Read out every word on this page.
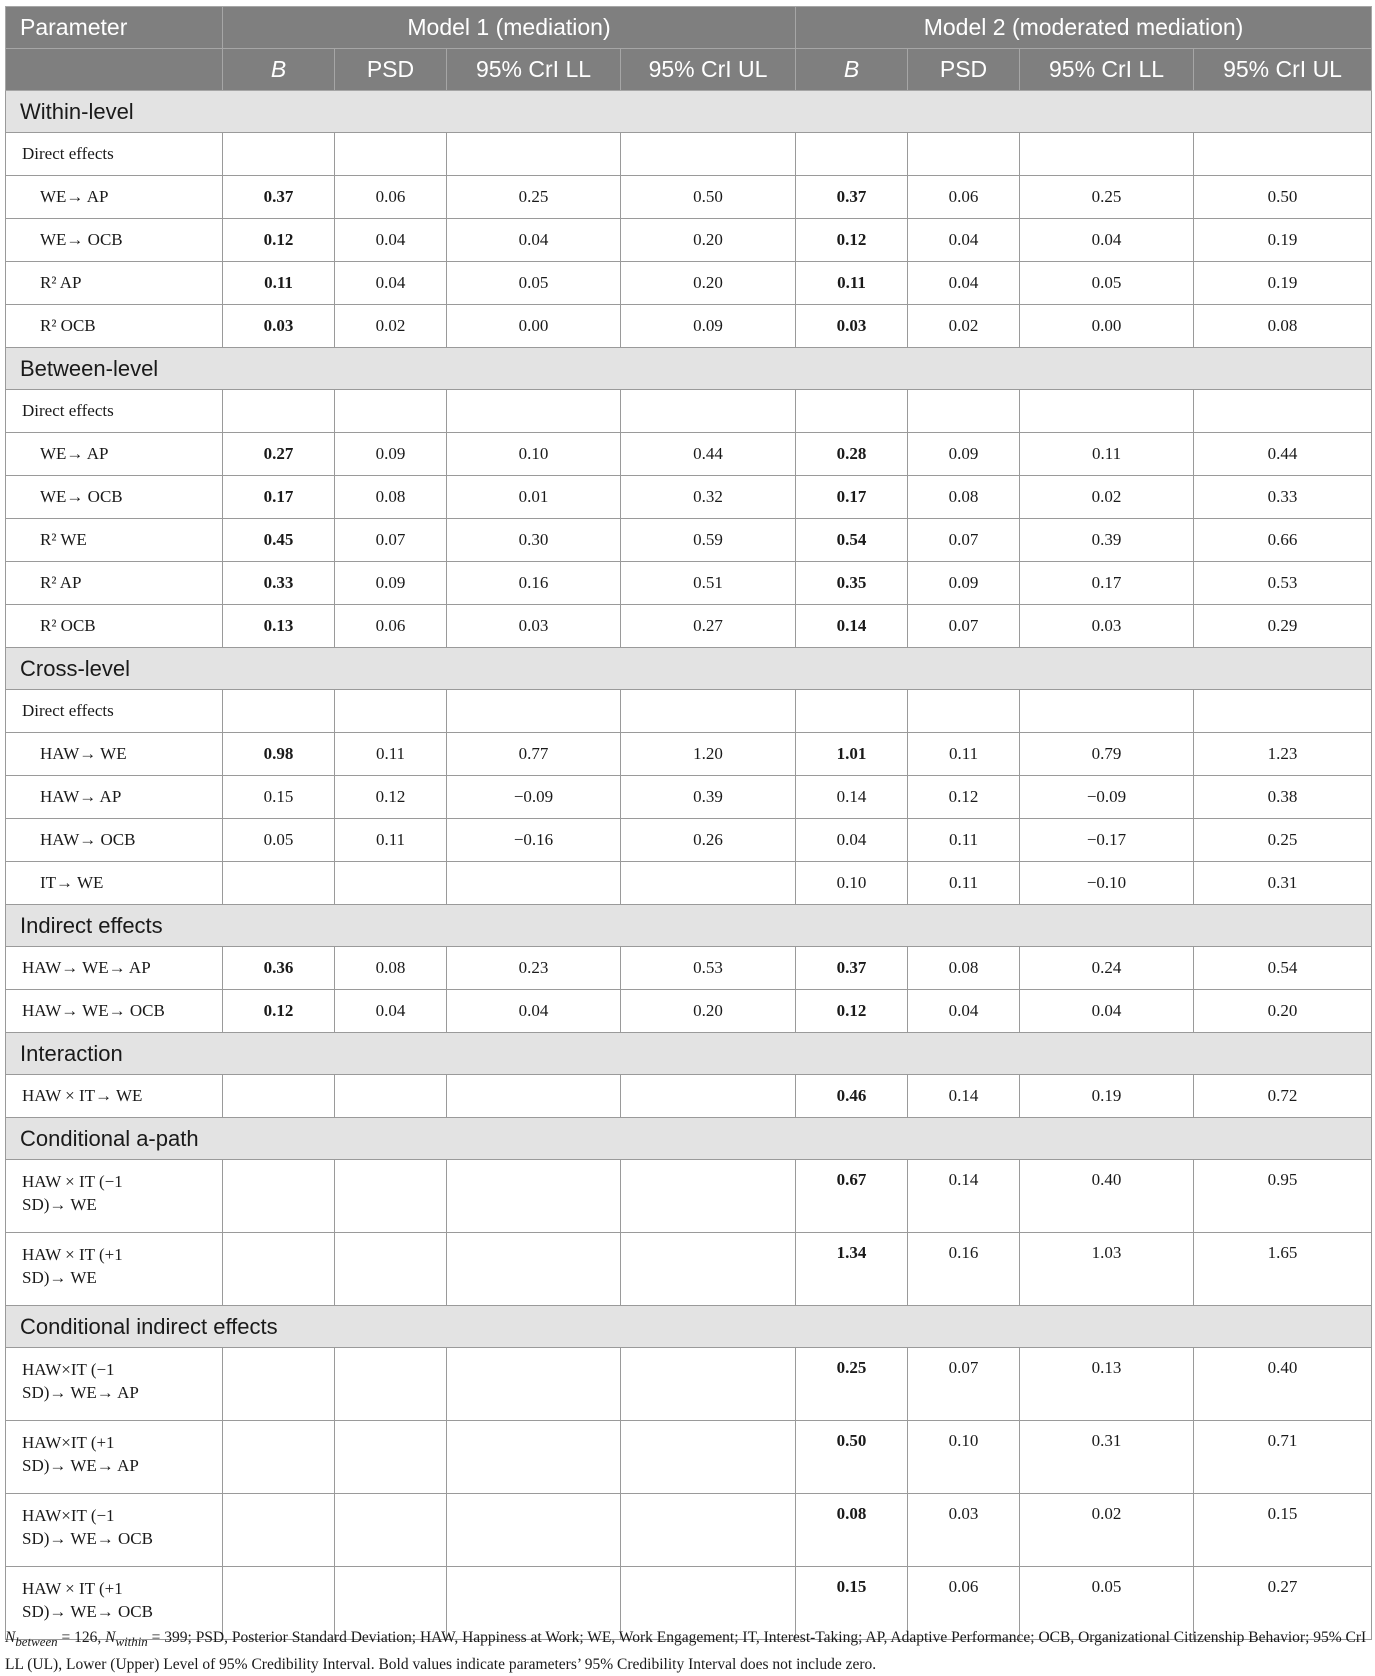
Parameter	Model 1 (mediation)				Model 2 (moderated mediation)			
	B	PSD	95% CrI LL	95% CrI UL	B	PSD	95% CrI LL	95% CrI UL
Within-level								
Direct effects								
WE→ AP	0.37	0.06	0.25	0.50	0.37	0.06	0.25	0.50
WE→ OCB	0.12	0.04	0.04	0.20	0.12	0.04	0.04	0.19
R² AP	0.11	0.04	0.05	0.20	0.11	0.04	0.05	0.19
R² OCB	0.03	0.02	0.00	0.09	0.03	0.02	0.00	0.08
Between-level								
Direct effects								
WE→ AP	0.27	0.09	0.10	0.44	0.28	0.09	0.11	0.44
WE→ OCB	0.17	0.08	0.01	0.32	0.17	0.08	0.02	0.33
R² WE	0.45	0.07	0.30	0.59	0.54	0.07	0.39	0.66
R² AP	0.33	0.09	0.16	0.51	0.35	0.09	0.17	0.53
R² OCB	0.13	0.06	0.03	0.27	0.14	0.07	0.03	0.29
Cross-level								
Direct effects								
HAW→ WE	0.98	0.11	0.77	1.20	1.01	0.11	0.79	1.23
HAW→ AP	0.15	0.12	−0.09	0.39	0.14	0.12	−0.09	0.38
HAW→ OCB	0.05	0.11	−0.16	0.26	0.04	0.11	−0.17	0.25
IT→ WE					0.10	0.11	−0.10	0.31
Indirect effects								
HAW→ WE→ AP	0.36	0.08	0.23	0.53	0.37	0.08	0.24	0.54
HAW→ WE→ OCB	0.12	0.04	0.04	0.20	0.12	0.04	0.04	0.20
Interaction								
HAW × IT→ WE					0.46	0.14	0.19	0.72
Conditional a-path								

HAW × IT (−1
SD)→ WE					0.67	0.14	0.40	0.95

HAW × IT (+1
SD)→ WE					1.34	0.16	1.03	1.65
Conditional indirect effects								

HAW×IT (−1
SD)→ WE→ AP					0.25	0.07	0.13	0.40

HAW×IT (+1
SD)→ WE→ AP					0.50	0.10	0.31	0.71

HAW×IT (−1
SD)→ WE→ OCB					0.08	0.03	0.02	0.15

HAW × IT (+1
SD)→ WE→ OCB					0.15	0.06	0.05	0.27
$N_{between} = 126$, $N_{within} = 399$; PSD, Posterior Standard Deviation; HAW, Happiness at Work; WE, Work Engagement; IT, Interest-Taking; AP, Adaptive Performance; OCB, Organizational Citizenship Behavior; 95% CrI LL (UL), Lower (Upper) Level of 95% Credibility Interval. Bold values indicate parameters’ 95% Credibility Interval does not include zero.
